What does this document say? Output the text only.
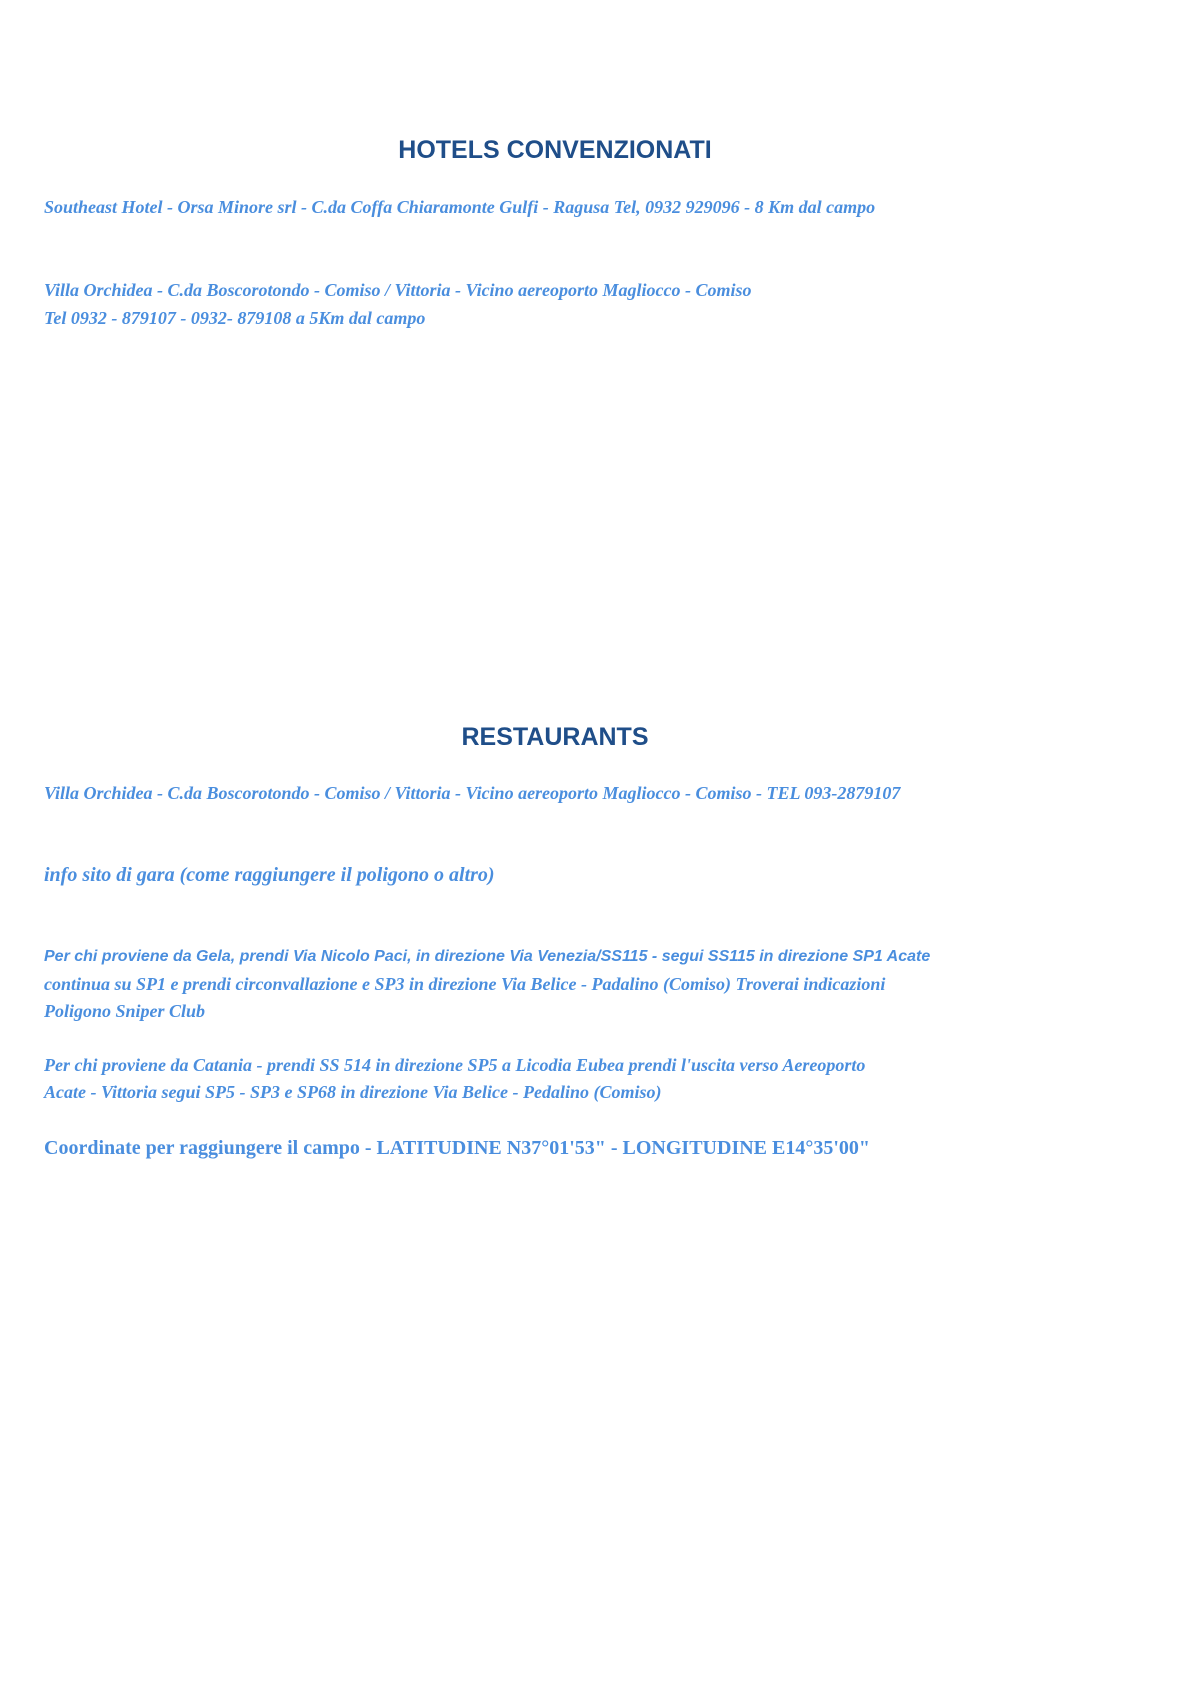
HOTELS CONVENZIONATI

Southeast Hotel - Orsa Minore srl - C.da Coffa Chiaramonte Gulfi - Ragusa Tel, 0932 929096 - 8 Km dal campo

Villa Orchidea - C.da Boscorotondo - Comiso / Vittoria - Vicino aereoporto Magliocco - Comiso

Tel 0932 - 879107 - 0932- 879108 a 5Km dal campo

RESTAURANTS

Villa Orchidea - C.da Boscorotondo - Comiso / Vittoria - Vicino aereoporto Magliocco - Comiso - TEL 093-2879107

info sito di gara (come raggiungere il poligono o altro)

Per chi proviene da Gela, prendi Via Nicolo Paci, in direzione Via Venezia/SS115 - segui SS115 in direzione SP1 Acate

continua su SP1 e prendi circonvallazione e SP3 in direzione Via Belice - Padalino (Comiso) Troverai indicazioni

Poligono Sniper Club

Per chi proviene da Catania - prendi SS 514 in direzione SP5 a Licodia Eubea prendi l'uscita verso Aereoporto

Acate - Vittoria segui SP5 - SP3 e SP68 in direzione Via Belice - Pedalino (Comiso)

Coordinate per raggiungere il campo - LATITUDINE N37°01'53" - LONGITUDINE E14°35'00"
